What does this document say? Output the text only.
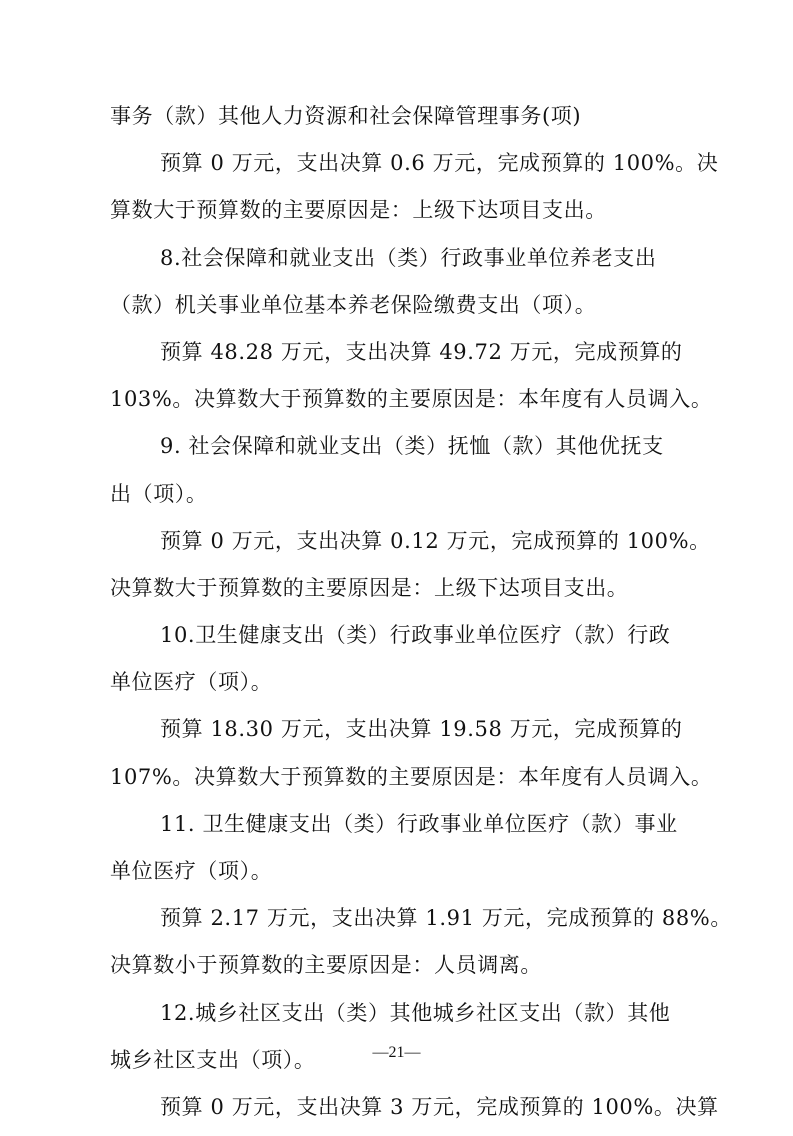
事务（款）其他人力资源和社会保障管理事务(项)
预算 0 万元，支出决算 0.6 万元，完成预算的 100%。决
算数大于预算数的主要原因是：上级下达项目支出。
8.社会保障和就业支出（类）行政事业单位养老支出
（款）机关事业单位基本养老保险缴费支出（项）。
预算 48.28 万元，支出决算 49.72 万元，完成预算的
103%。决算数大于预算数的主要原因是：本年度有人员调入。
9. 社会保障和就业支出（类）抚恤（款）其他优抚支
出（项）。
预算 0 万元，支出决算 0.12 万元，完成预算的 100%。
决算数大于预算数的主要原因是：上级下达项目支出。
10.卫生健康支出（类）行政事业单位医疗（款）行政
单位医疗（项）。
预算 18.30 万元，支出决算 19.58 万元，完成预算的
107%。决算数大于预算数的主要原因是：本年度有人员调入。
11. 卫生健康支出（类）行政事业单位医疗（款）事业
单位医疗（项）。
预算 2.17 万元，支出决算 1.91 万元，完成预算的 88%。
决算数小于预算数的主要原因是：人员调离。
12.城乡社区支出（类）其他城乡社区支出（款）其他
城乡社区支出（项）。
预算 0 万元，支出决算 3 万元，完成预算的 100%。决算
—21—
